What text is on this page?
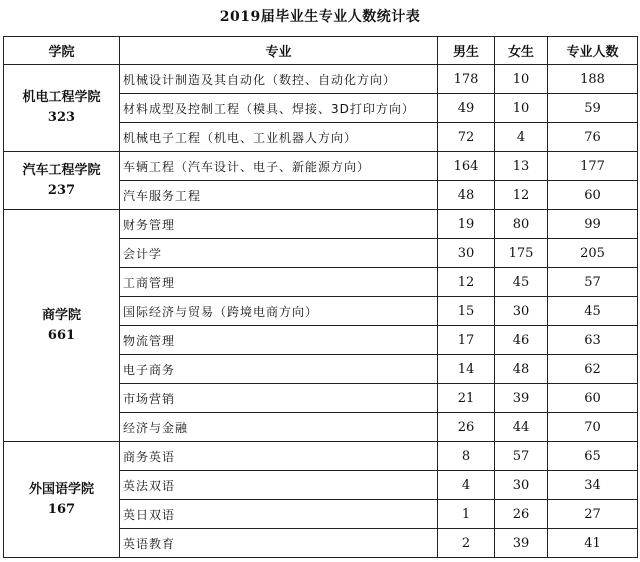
2019届毕业生专业人数统计表
学院	专业	男生	女生	专业人数

机电工程学院
323	机械设计制造及其自动化（数控、自动化方向）	178	10	188
	材料成型及控制工程（模具、焊接、3D打印方向）	49	10	59
	机械电子工程（机电、工业机器人方向）	72	4	76

汽车工程学院
237	车辆工程（汽车设计、电子、新能源方向）	164	13	177
	汽车服务工程	48	12	60

商学院
661	财务管理	19	80	99
	会计学	30	175	205
	工商管理	12	45	57
	国际经济与贸易（跨境电商方向）	15	30	45
	物流管理	17	46	63
	电子商务	14	48	62
	市场营销	21	39	60
	经济与金融	26	44	70

外国语学院
167	商务英语	8	57	65
	英法双语	4	30	34
	英日双语	1	26	27
	英语教育	2	39	41
